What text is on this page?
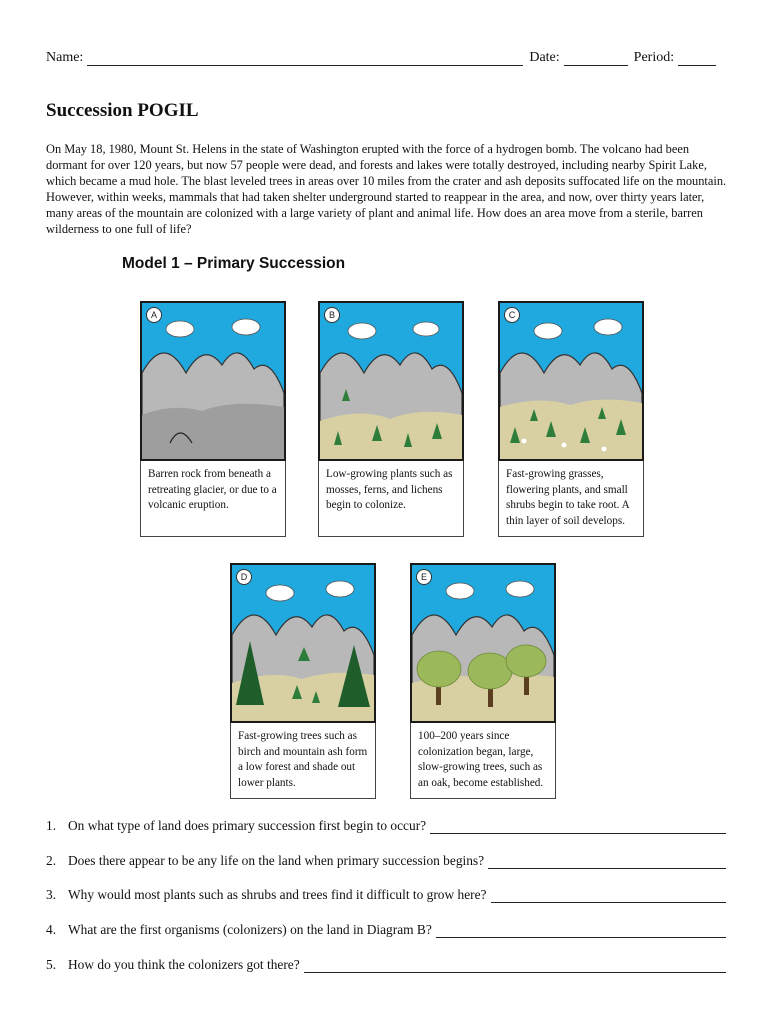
Name:	Date:	Period:
Succession POGIL

On May 18, 1980, Mount St. Helens in the state of Washington erupted with the force of a hydrogen bomb. The volcano had been dormant for over 120 years, but now 57 people were dead, and forests and lakes were totally destroyed, including nearby Spirit Lake, which became a mud hole. The blast leveled trees in areas over 10 miles from the crater and ash deposits suffocated life on the mountain. However, within weeks, mammals that had taken shelter underground started to reappear in the area, and now, over thirty years later, many areas of the mountain are colonized with a large variety of plant and animal life. How does an area move from a sterile, barren wilderness to one full of life?

Model 1 – Primary Succession
A
Barren rock from beneath a retreating glacier, or due to a volcanic eruption.
B
Low-growing plants such as mosses, ferns, and lichens begin to colonize.
C
Fast-growing grasses, flowering plants, and small shrubs begin to take root. A thin layer of soil develops.
D
Fast-growing trees such as birch and mountain ash form a low forest and shade out lower plants.
E
100–200 years since colonization began, large, slow-growing trees, such as an oak, become established.
1. On what type of land does primary succession first begin to occur?
2. Does there appear to be any life on the land when primary succession begins?
3. Why would most plants such as shrubs and trees find it difficult to grow here?
4. What are the first organisms (colonizers) on the land in Diagram B?
5. How do you think the colonizers got there?
